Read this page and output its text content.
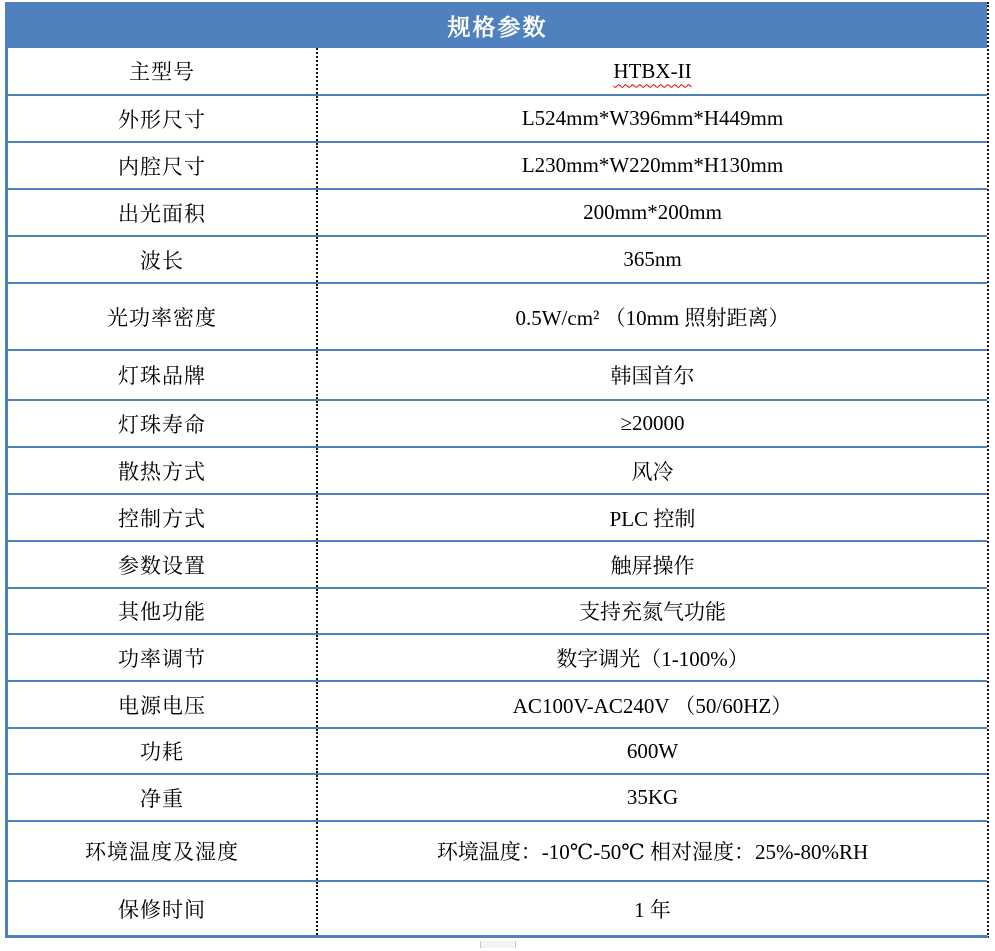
规格参数
主型号	HTBX-II
外形尺寸	L524mm*W396mm*H449mm
内腔尺寸	L230mm*W220mm*H130mm
出光面积	200mm*200mm
波长	365nm
光功率密度	0.5W/cm² （10mm 照射距离）
灯珠品牌	韩国首尔
灯珠寿命	≥20000
散热方式	风冷
控制方式	PLC 控制
参数设置	触屏操作
其他功能	支持充氮气功能
功率调节	数字调光（1-100%）
电源电压	AC100V-AC240V （50/60HZ）
功耗	600W
净重	35KG
环境温度及湿度	环境温度：-10℃-50℃ 相对湿度：25%-80%RH
保修时间	1 年
